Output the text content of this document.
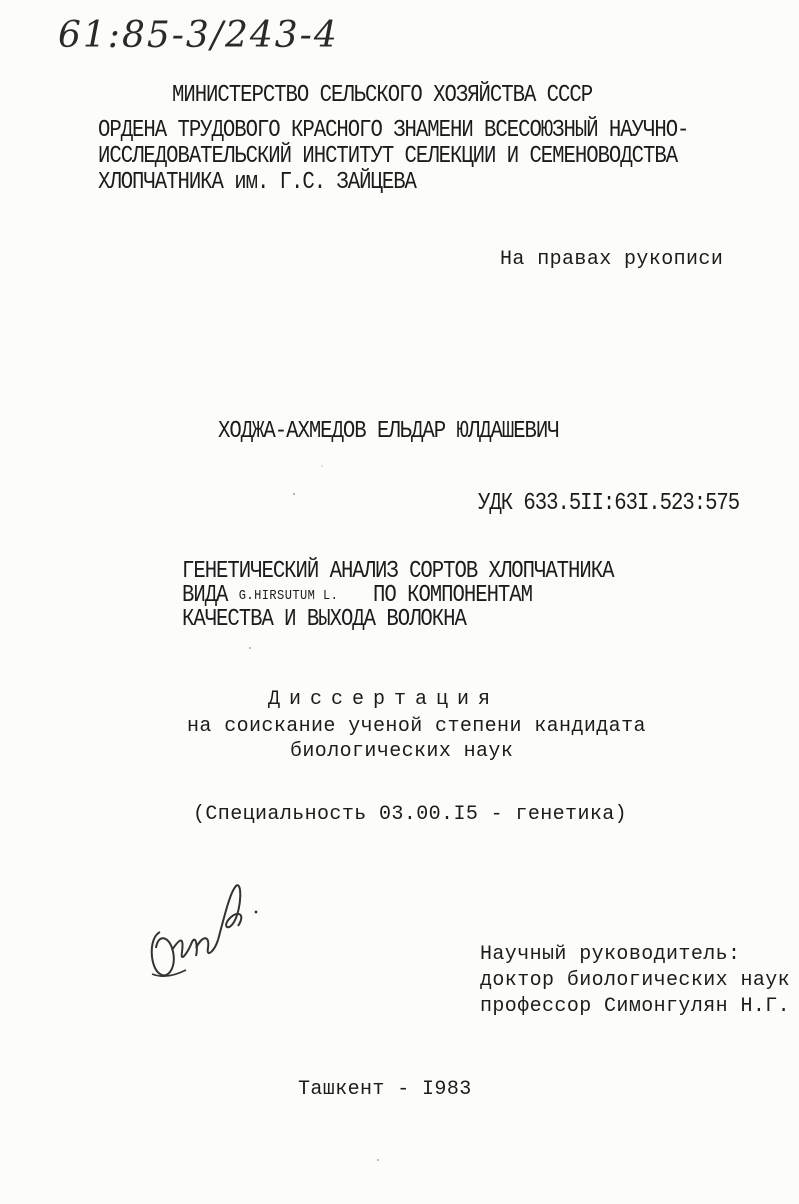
61:85-3/243-4
МИНИСТЕРСТВО СЕЛЬСКОГО ХОЗЯЙСТВА СССР
ОРДЕНА ТРУДОВОГО КРАСНОГО ЗНАМЕНИ ВСЕСОЮЗНЫЙ НАУЧНО-
ИССЛЕДОВАТЕЛЬСКИЙ ИНСТИТУТ СЕЛЕКЦИИ И СЕМЕНОВОДСТВА
ХЛОПЧАТНИКА им. Г.С. ЗАЙЦЕВА
На правах рукописи
ХОДЖА-АХМЕДОВ ЕЛЬДАР ЮЛДАШЕВИЧ
УДК 633.5II:63I.523:575
ГЕНЕТИЧЕСКИЙ АНАЛИЗ СОРТОВ ХЛОПЧАТНИКА
ВИДА G.HIRSUTUM L. ПО КОМПОНЕНТАМ
КАЧЕСТВА И ВЫХОДА ВОЛОКНА
Диссертация
на соискание ученой степени кандидата
биологических наук
(Специальность 03.00.I5 - генетика)
Научный руководитель:
доктор биологических наук
профессор Симонгулян Н.Г.
Ташкент - I983
